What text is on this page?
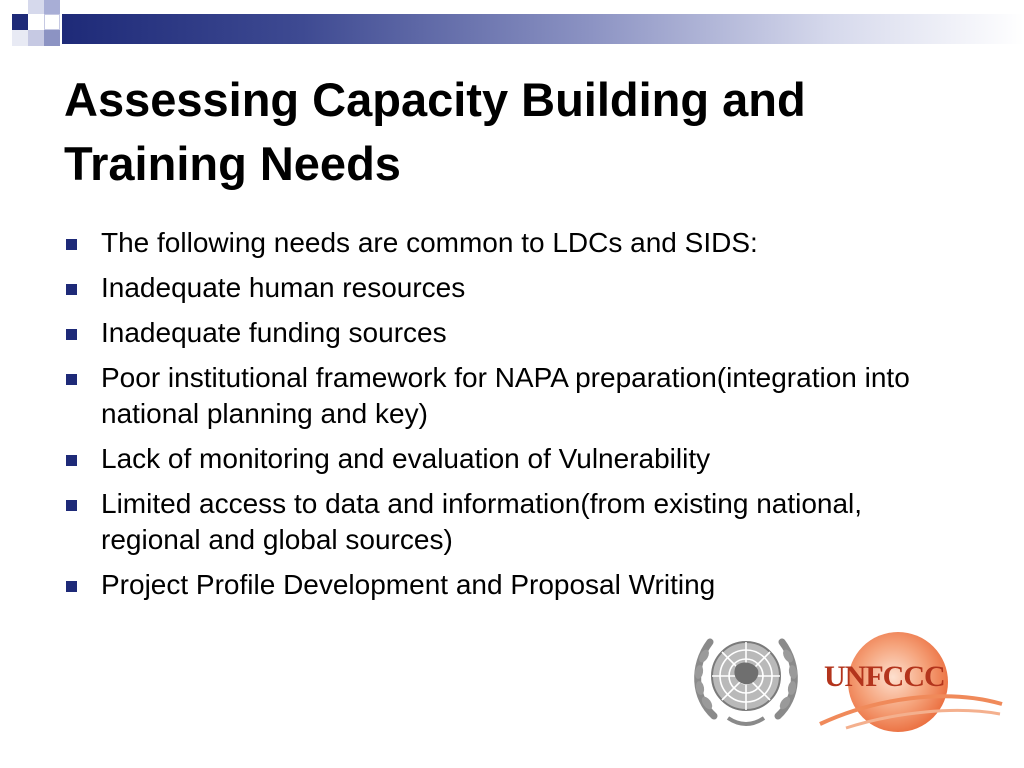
Assessing Capacity Building and Training Needs
The following needs are common to LDCs and SIDS:
Inadequate human resources
Inadequate funding sources
Poor institutional framework for NAPA preparation(integration into national planning and key)
Lack of monitoring and evaluation of Vulnerability
Limited access to data and information(from existing national, regional and global sources)
Project Profile Development and Proposal Writing
UNFCCC
